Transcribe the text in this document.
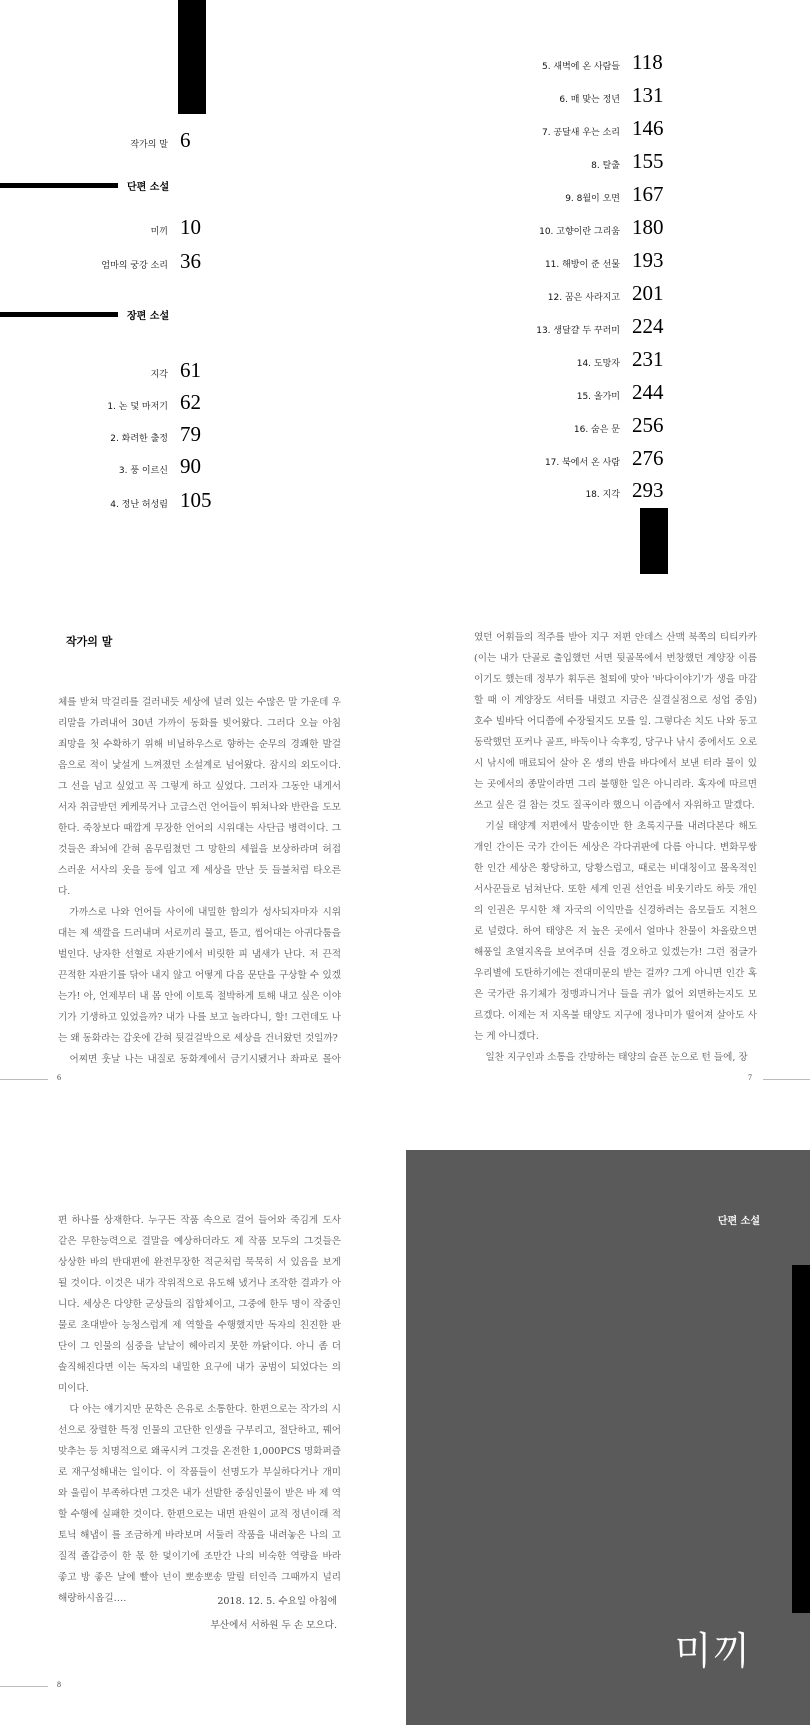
작가의 말 6
단편 소설
미끼 10
엄마의 궁강 소리 36
장편 소설
지각 61
1. 논 덫 마저기 62
2. 화려한 출정 79
3. 풍 이르신 90
4. 정난 허성림 105
5. 새벽에 온 사람들 118
6. 매 맞는 정년 131
7. 공달새 우는 소리 146
8. 탈출 155
9. 8월이 오면 167
10. 고향이란 그리움 180
11. 해방이 준 선물 193
12. 꿈은 사라지고 201
13. 생달걀 두 꾸러미 224
14. 도망자 231
15. 올가미 244
16. 숨은 문 256
17. 북에서 온 사람 276
18. 지각 293
작가의 말

체를 받쳐 막걸리를 걸러내듯 세상에 널려 있는 수많은 말 가운데 우리말을 가려내어 30년 가까이 동화를 빚어왔다. 그러다 오늘 아침 죄망을 첫 수확하기 위해 비닐하우스로 향하는 순무의 경쾌한 발걸음으로 적이 낯설게 느껴졌던 소설계로 넘어왔다. 잠시의 외도이다. 그 선을 넘고 싶었고 꼭 그렇게 하고 싶었다. 그러자 그동안 내게서 서자 취급받던 케케묵거나 고급스런 언어들이 뛰쳐나와 반란을 도모한다. 죽창보다 때깝게 무장한 언어의 시위대는 사단급 병력이다. 그것들은 좌뇌에 갇혀 옴무림쳤던 그 망한의 세월을 보상하라며 허접스러운 서사의 옷을 등에 입고 제 세상을 만난 듯 들불처럼 타오른다.

가까스로 나와 언어들 사이에 내밀한 합의가 성사되자마자 시위대는 제 색깔을 드러내며 서로끼리 물고, 뜯고, 씹어대는 아귀다툼을 벌인다. 낭자한 선혈로 자판기에서 비릿한 피 냄새가 난다. 저 끈적끈적한 자판기를 닦아 내지 않고 어떻게 다음 문단을 구상할 수 있겠는가! 아, 언제부터 내 몸 안에 이토록 절박하게 토해 내고 싶은 이야기가 기생하고 있었을까? 내가 나를 보고 놀라다니, 할! 그런데도 나는 왜 동화라는 갑옷에 갇혀 뒷걸걸박으로 세상을 건너왔던 것일까?

어찌면 훗날 나는 내질로 동화계에서 금기시됐거나 좌파로 몰아

였던 어휘들의 적주를 받아 지구 저편 안데스 산맥 북쪽의 티티카카(이는 내가 단골로 출입했던 서면 뒷골목에서 번창했던 계양장 이름이기도 했는데 정부가 휘두른 철퇴에 맞아 '바다이야기'가 생을 마감할 때 이 계양장도 셔터를 내렸고 지금은 실결실점으로 성업 중임) 호수 빌바닥 어디쯤에 수장될지도 모를 일. 그렇다손 치도 나와 동고동락했던 포커나 골프, 바둑이나 숙후킹, 당구나 낚시 중에서도 오로시 낚시에 매료되어 살아 온 생의 반을 바다에서 보낸 터라 물이 있는 곳에서의 종말이라면 그리 불행한 일은 아니리라. 혹자에 따르면 쓰고 싶은 걸 참는 것도 질곡이라 했으니 이즘에서 자위하고 말겠다.

기실 태양계 저편에서 발송이만 한 초록지구를 내려다본다 해도 개인 간이든 국가 간이든 세상은 각다귀판에 다름 아니다. 변화무쌍한 인간 세상은 황당하고, 당황스럽고, 때로는 비대칭이고 몰옥적인 서사꾼들로 넘쳐난다. 또한 세계 인권 선언을 비웃기라도 하듯 개인의 인권은 무시한 채 자국의 이익만을 신경하려는 음모들도 지천으로 널렸다. 하여 태양은 저 높은 곳에서 얼마나 찬물이 차올랐으면 해풍일 초열지옥을 보여주며 신을 경오하고 있겠는가! 그런 점글가 우리별에 도탄하기에는 전대미문의 받는 걸까? 그게 아니면 인간 혹은 국가란 유기체가 정맹과니거나 들을 귀가 없어 외면하는지도 모르겠다. 이제는 저 지옥불 태양도 지구에 정나미가 떨어져 살아도 사는 게 아니겠다.

일찬 지구인과 소통을 간망하는 태양의 슬픈 눈으로 턴 들에, 장

6	7

편 하나를 상재한다. 누구든 작품 속으로 걸어 들어와 죽김게 도사 같은 무한능력으로 결말을 예상하더라도 제 작품 모두의 그것들은 상상한 바의 반대편에 완전무장한 적군처럼 묵묵히 서 있음을 보게 될 것이다. 이것은 내가 작위적으로 유도해 냈거나 조작한 결과가 아니다. 세상은 다양한 군상들의 집합체이고, 그중에 한두 명이 작중인물로 초대받아 능청스럽게 제 역할을 수행했지만 독자의 친진한 판단이 그 인물의 심중을 낱낱이 헤아리지 못한 까닭이다. 아니 좀 더 솔직해진다면 이는 독자의 내밀한 요구에 내가 공범이 되었다는 의미이다.

다 아는 얘기지만 문학은 은유로 소통한다. 한편으로는 작가의 시선으로 장렬한 특정 인물의 고단한 인생을 구부리고, 절단하고, 꿰어 맞추는 등 치명적으로 왜곡시켜 그것을 온전한 1,000PCS 명화퍼즐로 재구성해내는 일이다. 이 작품들이 선명도가 부실하다거나 개미와 울림이 부족하다면 그것은 내가 선발한 중심인물이 받은 바 제 역할 수행에 실패한 것이다. 한편으로는 내면 판원이 교적 정년이래 적토닉 해냅이 를 조금하게 바라보며 서둘러 작품을 내려놓은 나의 고질적 졸갑증이 한 몫 한 덫이기에 조만간 나의 비숙한 역량을 바라 좋고 방 좋은 날에 빨아 넌이 뽀송뽀송 말릴 터인즉 그때까지 널리 해량하시옵길….	2018. 12. 5. 수요일 아침에
부산에서 서하원 두 손 모으다.
8
단편 소설
미끼
